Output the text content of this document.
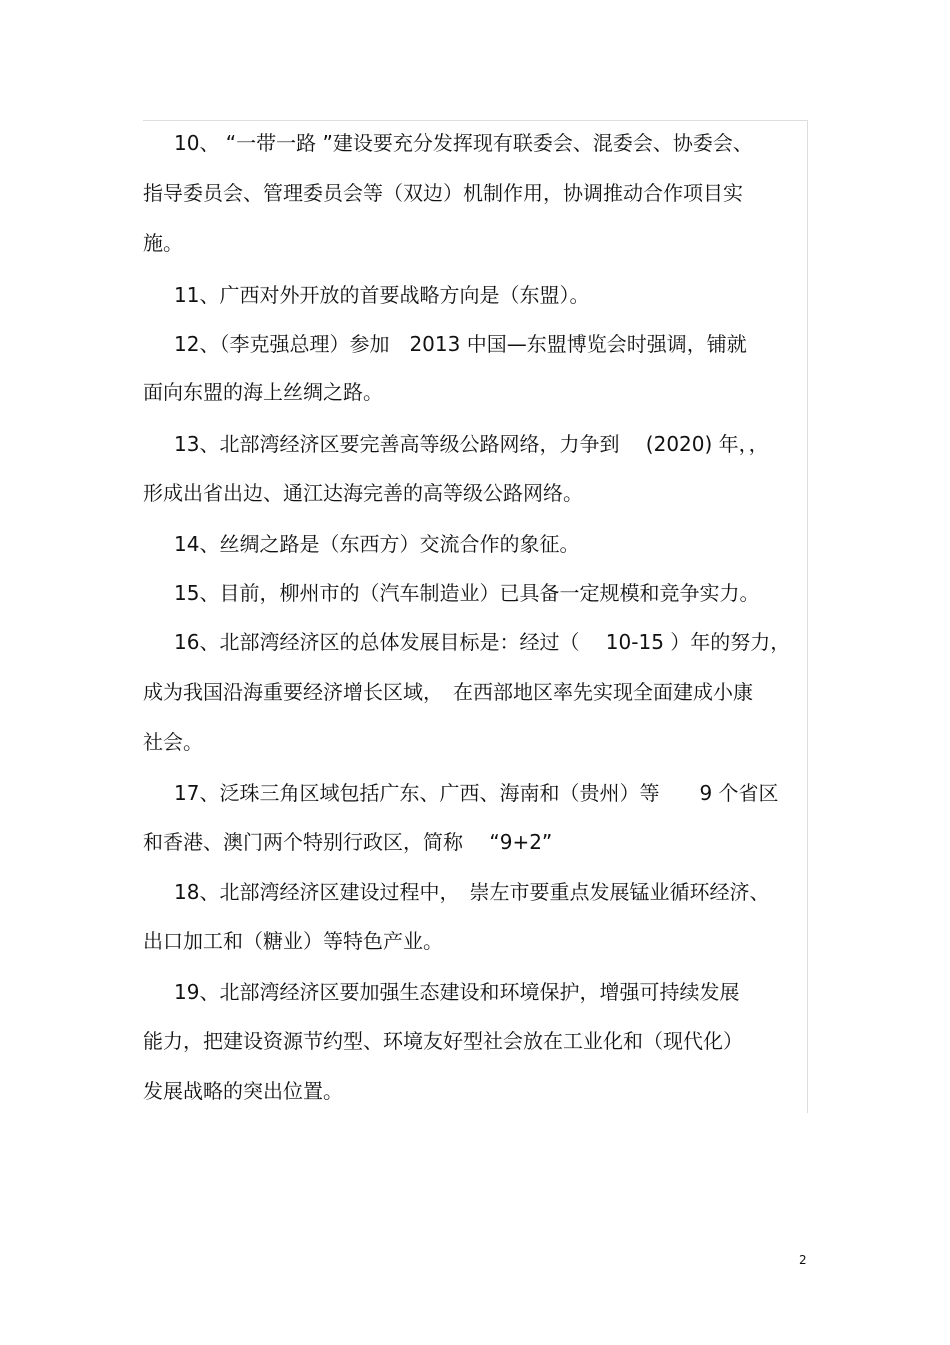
10、 “一带一路 ”建设要充分发挥现有联委会、混委会、协委会、
指导委员会、管理委员会等（双边）机制作用，协调推动合作项目实
施。
11、广西对外开放的首要战略方向是（东盟）。
12、（李克强总理）参加　2013 中国—东盟博览会时强调，铺就
面向东盟的海上丝绸之路。
13、北部湾经济区要完善高等级公路网络，力争到　 (2020) 年，，
形成出省出边、通江达海完善的高等级公路网络。
14、丝绸之路是（东西方）交流合作的象征。
15、目前，柳州市的（汽车制造业）已具备一定规模和竞争实力。
16、北部湾经济区的总体发展目标是：经过（　 10-15 ）年的努力，
成为我国沿海重要经济增长区域，　在西部地区率先实现全面建成小康
社会。
17、泛珠三角区域包括广东、广西、海南和（贵州）等　　9 个省区
和香港、澳门两个特别行政区，简称　 “9+2”
18、北部湾经济区建设过程中，　崇左市要重点发展锰业循环经济、
出口加工和（糖业）等特色产业。
19、北部湾经济区要加强生态建设和环境保护，增强可持续发展
能力，把建设资源节约型、环境友好型社会放在工业化和（现代化）
发展战略的突出位置。
2
